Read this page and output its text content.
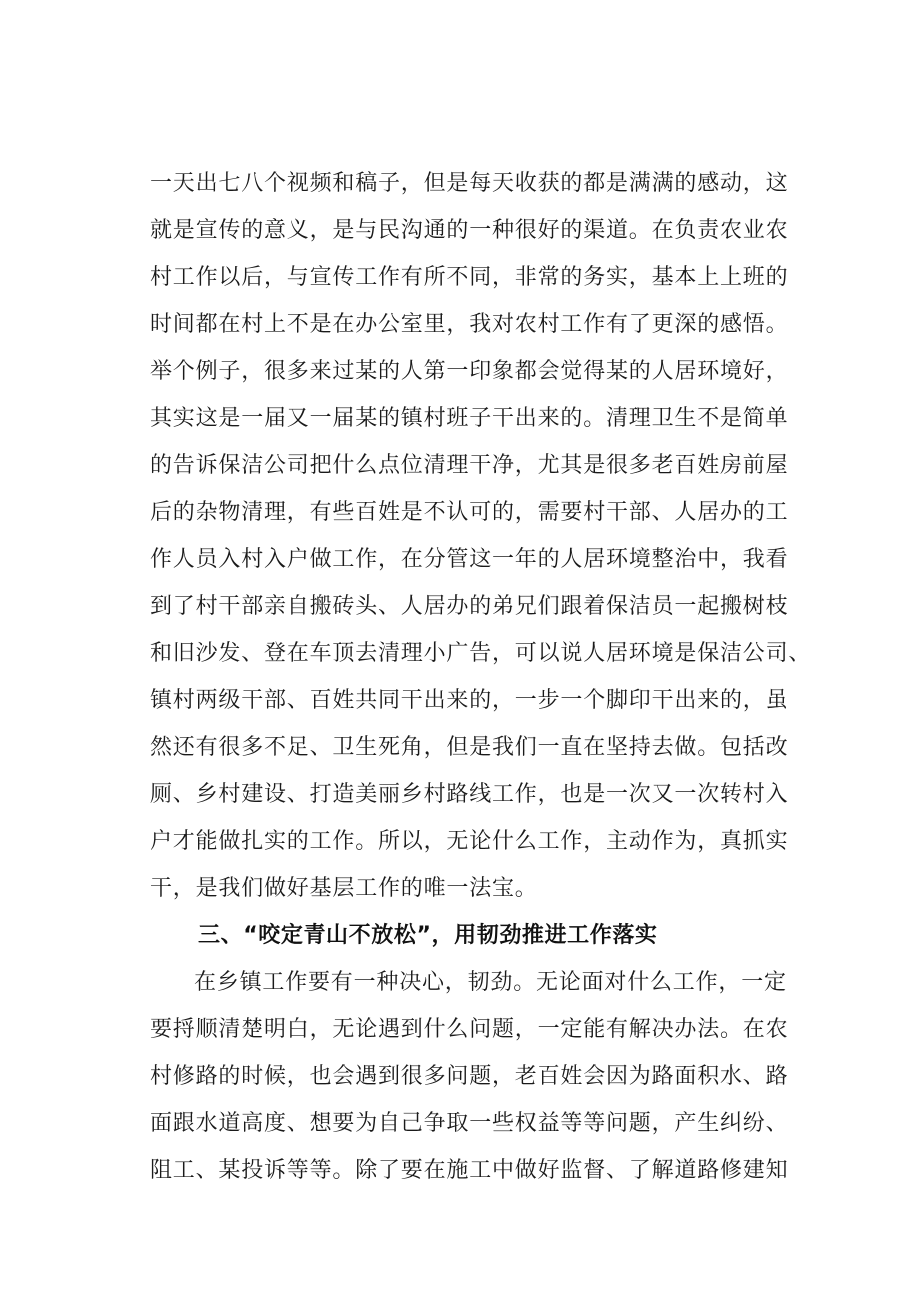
一天出七八个视频和稿子，但是每天收获的都是满满的感动，这
就是宣传的意义，是与民沟通的一种很好的渠道。在负责农业农
村工作以后，与宣传工作有所不同，非常的务实，基本上上班的
时间都在村上不是在办公室里，我对农村工作有了更深的感悟。
举个例子，很多来过某的人第一印象都会觉得某的人居环境好，
其实这是一届又一届某的镇村班子干出来的。清理卫生不是简单
的告诉保洁公司把什么点位清理干净，尤其是很多老百姓房前屋
后的杂物清理，有些百姓是不认可的，需要村干部、人居办的工
作人员入村入户做工作，在分管这一年的人居环境整治中，我看
到了村干部亲自搬砖头、人居办的弟兄们跟着保洁员一起搬树枝
和旧沙发、登在车顶去清理小广告，可以说人居环境是保洁公司、
镇村两级干部、百姓共同干出来的，一步一个脚印干出来的，虽
然还有很多不足、卫生死角，但是我们一直在坚持去做。包括改
厕、乡村建设、打造美丽乡村路线工作，也是一次又一次转村入
户才能做扎实的工作。所以，无论什么工作，主动作为，真抓实
干，是我们做好基层工作的唯一法宝。
三、“咬定青山不放松”，用韧劲推进工作落实
在乡镇工作要有一种决心，韧劲。无论面对什么工作，一定
要捋顺清楚明白，无论遇到什么问题，一定能有解决办法。在农
村修路的时候，也会遇到很多问题，老百姓会因为路面积水、路
面跟水道高度、想要为自己争取一些权益等等问题，产生纠纷、
阻工、某投诉等等。除了要在施工中做好监督、了解道路修建知
